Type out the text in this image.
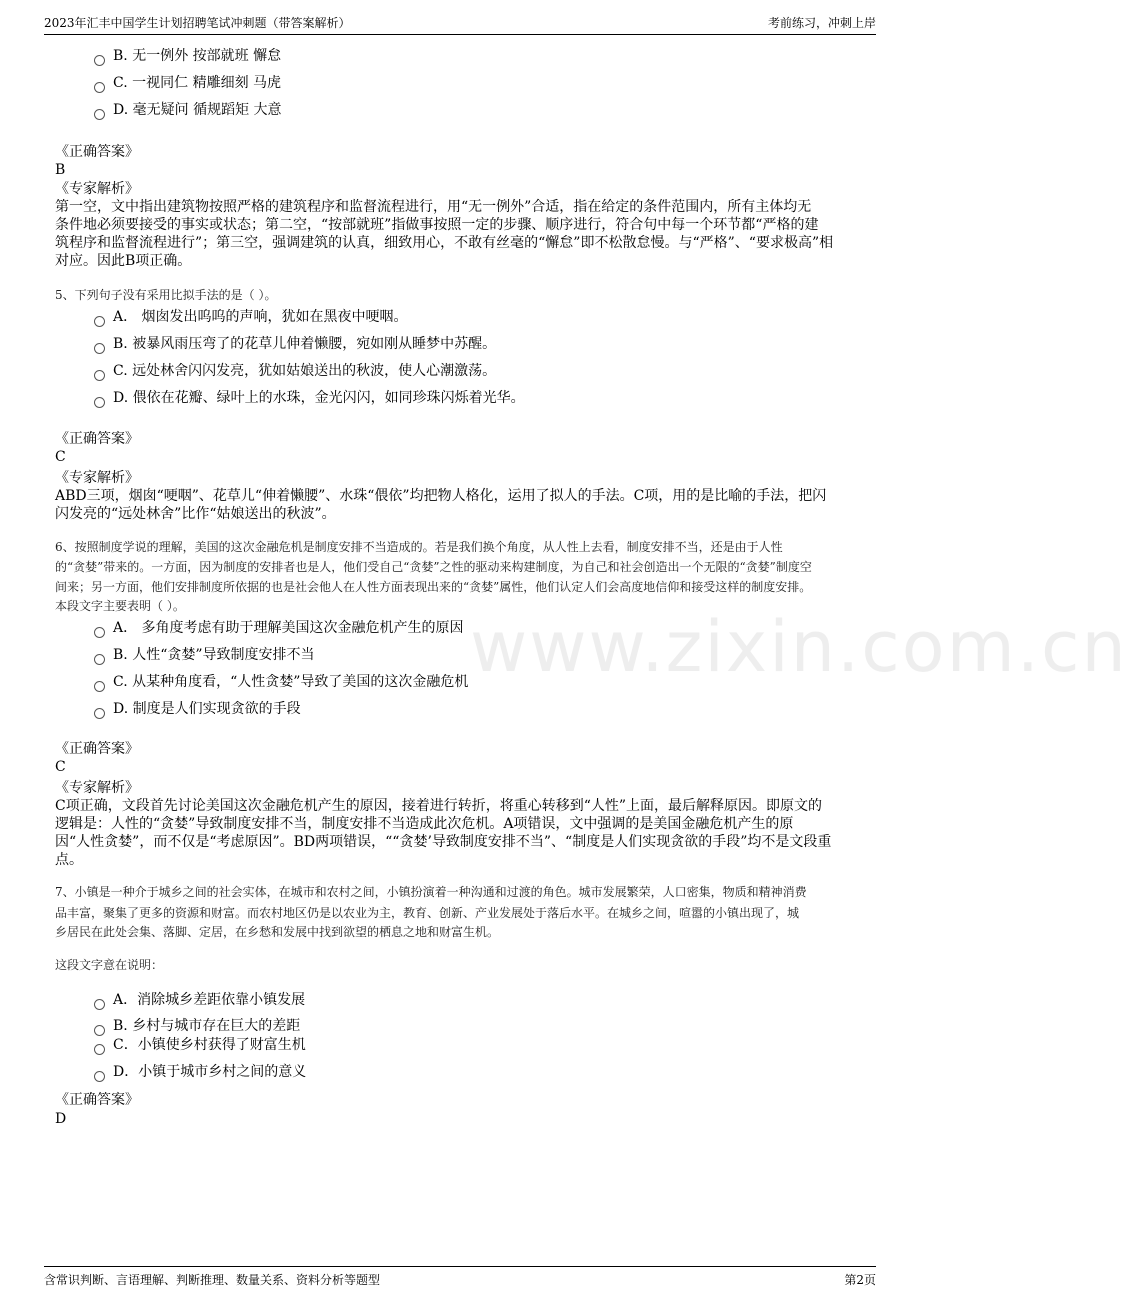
2023年汇丰中国学生计划招聘笔试冲刺题（带答案解析）	考前练习，冲刺上岸
www.zixin.com.cn
B. 无一例外 按部就班 懈怠
C. 一视同仁 精雕细刻 马虎
D. 毫无疑问 循规蹈矩 大意
《正确答案》
B
《专家解析》
第一空，文中指出建筑物按照严格的建筑程序和监督流程进行，用“无一例外”合适，指在给定的条件范围内，所有主体均无
条件地必须要接受的事实或状态；第二空，“按部就班”指做事按照一定的步骤、顺序进行，符合句中每一个环节都“严格的建
筑程序和监督流程进行”；第三空，强调建筑的认真，细致用心，不敢有丝毫的“懈怠”即不松散怠慢。与“严格”、“要求极高”相
对应。因此B项正确。
5、下列句子没有采用比拟手法的是（ ）。
A． 烟囱发出呜呜的声响，犹如在黑夜中哽咽。
B. 被暴风雨压弯了的花草儿伸着懒腰，宛如刚从睡梦中苏醒。
C. 远处林舍闪闪发亮，犹如姑娘送出的秋波，使人心潮激荡。
D. 偎依在花瓣、绿叶上的水珠，金光闪闪，如同珍珠闪烁着光华。
《正确答案》
C
《专家解析》
ABD三项，烟囱“哽咽”、花草儿“伸着懒腰”、水珠“偎依”均把物人格化，运用了拟人的手法。C项，用的是比喻的手法，把闪
闪发亮的“远处林舍”比作“姑娘送出的秋波”。
6、按照制度学说的理解，美国的这次金融危机是制度安排不当造成的。若是我们换个角度，从人性上去看，制度安排不当，还是由于人性
的“贪婪”带来的。一方面，因为制度的安排者也是人，他们受自己“贪婪”之性的驱动来构建制度，为自己和社会创造出一个无限的“贪婪”制度空
间来；另一方面，他们安排制度所依据的也是社会他人在人性方面表现出来的“贪婪”属性，他们认定人们会高度地信仰和接受这样的制度安排。
本段文字主要表明（ ）。
A． 多角度考虑有助于理解美国这次金融危机产生的原因
B. 人性“贪婪”导致制度安排不当
C. 从某种角度看，“人性贪婪”导致了美国的这次金融危机
D. 制度是人们实现贪欲的手段
《正确答案》
C
《专家解析》
C项正确，文段首先讨论美国这次金融危机产生的原因，接着进行转折，将重心转移到“人性”上面，最后解释原因。即原文的
逻辑是：人性的“贪婪”导致制度安排不当，制度安排不当造成此次危机。A项错误，文中强调的是美国金融危机产生的原
因“人性贪婪”，而不仅是“考虑原因”。BD两项错误，““贪婪’导致制度安排不当”、“制度是人们实现贪欲的手段”均不是文段重
点。
7、小镇是一种介于城乡之间的社会实体，在城市和农村之间，小镇扮演着一种沟通和过渡的角色。城市发展繁荣，人口密集，物质和精神消费
品丰富，聚集了更多的资源和财富。而农村地区仍是以农业为主，教育、创新、产业发展处于落后水平。在城乡之间，喧嚣的小镇出现了，城
乡居民在此处会集、落脚、定居，在乡愁和发展中找到欲望的栖息之地和财富生机。
这段文字意在说明：
A．消除城乡差距依靠小镇发展
B. 乡村与城市存在巨大的差距
C．小镇使乡村获得了财富生机
D．小镇于城市乡村之间的意义
《正确答案》
D
含常识判断、言语理解、判断推理、数量关系、资料分析等题型	第2页
